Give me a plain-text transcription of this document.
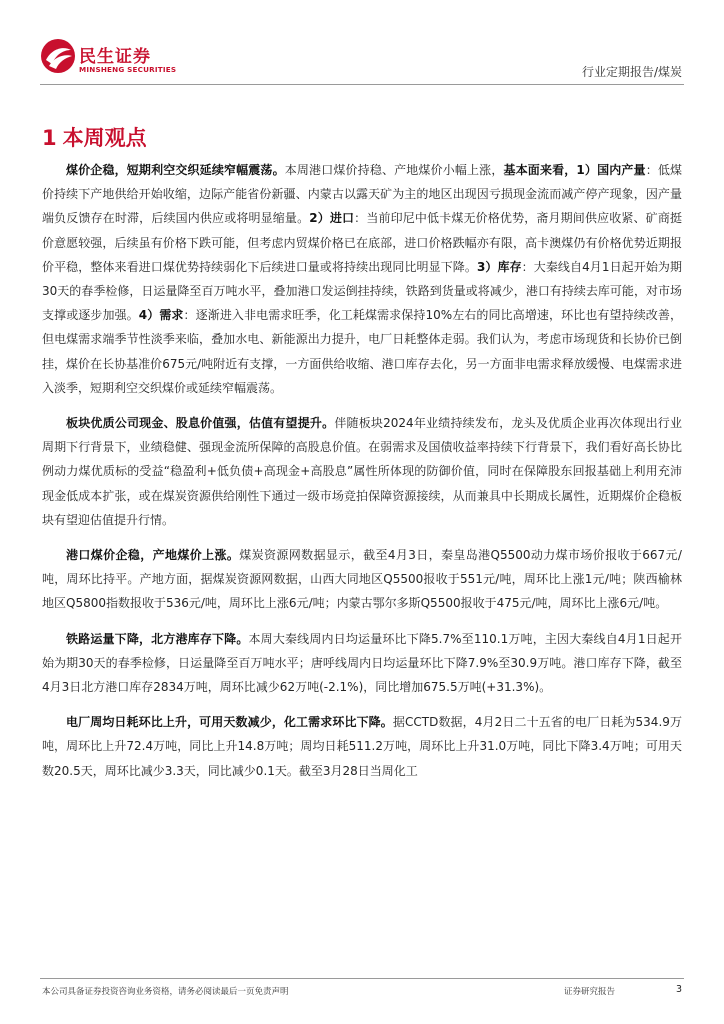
民生证券
MINSHENG SECURITIES	行业定期报告/煤炭
1 本周观点

煤价企稳，短期利空交织延续窄幅震荡。本周港口煤价持稳、产地煤价小幅上涨，基本面来看，1）国内产量：低煤价持续下产地供给开始收缩，边际产能省份新疆、内蒙古以露天矿为主的地区出现因亏损现金流而减产停产现象，因产量端负反馈存在时滞，后续国内供应或将明显缩量。2）进口：当前印尼中低卡煤无价格优势，斋月期间供应收紧、矿商挺价意愿较强，后续虽有价格下跌可能，但考虑内贸煤价格已在底部，进口价格跌幅亦有限，高卡澳煤仍有价格优势近期报价平稳，整体来看进口煤优势持续弱化下后续进口量或将持续出现同比明显下降。3）库存：大秦线自4月1日起开始为期30天的春季检修，日运量降至百万吨水平，叠加港口发运倒挂持续，铁路到货量或将减少，港口有持续去库可能，对市场支撑或逐步加强。4）需求：逐渐进入非电需求旺季，化工耗煤需求保持10%左右的同比高增速，环比也有望持续改善，但电煤需求端季节性淡季来临，叠加水电、新能源出力提升，电厂日耗整体走弱。我们认为，考虑市场现货和长协价已倒挂，煤价在长协基准价675元/吨附近有支撑，一方面供给收缩、港口库存去化，另一方面非电需求释放缓慢、电煤需求进入淡季，短期利空交织煤价或延续窄幅震荡。

板块优质公司现金、股息价值强，估值有望提升。伴随板块2024年业绩持续发布，龙头及优质企业再次体现出行业周期下行背景下，业绩稳健、强现金流所保障的高股息价值。在弱需求及国债收益率持续下行背景下，我们看好高长协比例动力煤优质标的受益“稳盈利+低负债+高现金+高股息”属性所体现的防御价值，同时在保障股东回报基础上利用充沛现金低成本扩张，或在煤炭资源供给刚性下通过一级市场竞拍保障资源接续，从而兼具中长期成长属性，近期煤价企稳板块有望迎估值提升行情。

港口煤价企稳，产地煤价上涨。煤炭资源网数据显示，截至4月3日，秦皇岛港Q5500动力煤市场价报收于667元/吨，周环比持平。产地方面，据煤炭资源网数据，山西大同地区Q5500报收于551元/吨，周环比上涨1元/吨；陕西榆林地区Q5800指数报收于536元/吨，周环比上涨6元/吨；内蒙古鄂尔多斯Q5500报收于475元/吨，周环比上涨6元/吨。

铁路运量下降，北方港库存下降。本周大秦线周内日均运量环比下降5.7%至110.1万吨，主因大秦线自4月1日起开始为期30天的春季检修，日运量降至百万吨水平；唐呼线周内日均运量环比下降7.9%至30.9万吨。港口库存下降，截至4月3日北方港口库存2834万吨，周环比减少62万吨(-2.1%)，同比增加675.5万吨(+31.3%)。

电厂周均日耗环比上升，可用天数减少，化工需求环比下降。据CCTD数据，4月2日二十五省的电厂日耗为534.9万吨，周环比上升72.4万吨，同比上升14.8万吨；周均日耗511.2万吨，周环比上升31.0万吨，同比下降3.4万吨；可用天数20.5天，周环比减少3.3天，同比减少0.1天。截至3月28日当周化工

本公司具备证券投资咨询业务资格，请务必阅读最后一页免责声明	证券研究报告	3
